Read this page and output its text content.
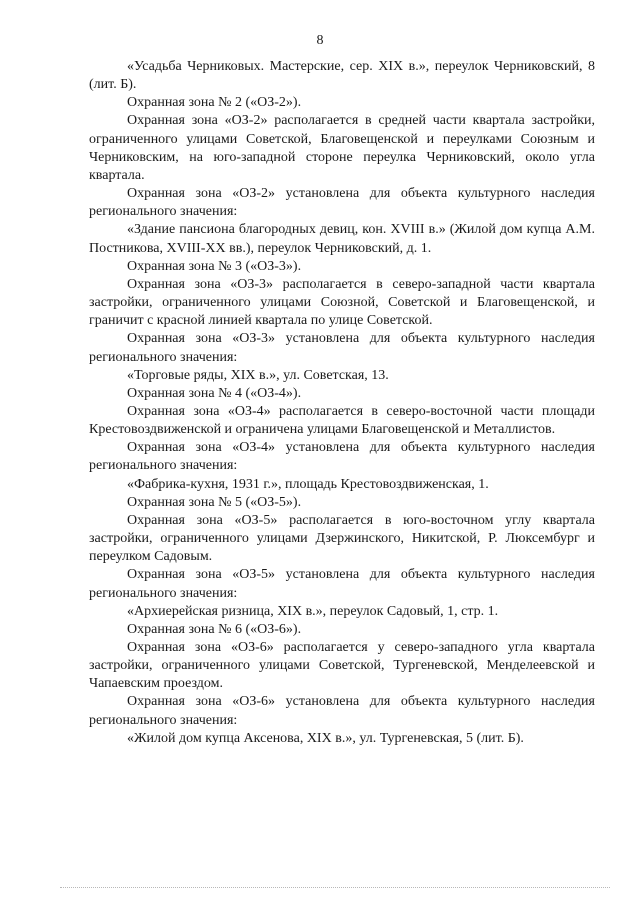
8

«Усадьба Черниковых. Мастерские, сер. XIX в.», переулок Черниковский, 8 (лит. Б).

Охранная зона № 2 («ОЗ-2»).

Охранная зона «ОЗ-2» располагается в средней части квартала застройки, ограниченного улицами Советской, Благовещенской и переулками Союзным и Черниковским, на юго-западной стороне переулка Черниковский, около угла квартала.

Охранная зона «ОЗ-2» установлена для объекта культурного наследия регионального значения:

«Здание пансиона благородных девиц, кон. XVIII в.» (Жилой дом купца А.М. Постникова, XVIII-XX вв.), переулок Черниковский, д. 1.

Охранная зона № 3 («ОЗ-3»).

Охранная зона «ОЗ-3» располагается в северо-западной части квартала застройки, ограниченного улицами Союзной, Советской и Благовещенской, и граничит с красной линией квартала по улице Советской.

Охранная зона «ОЗ-3» установлена для объекта культурного наследия регионального значения:

«Торговые ряды, XIX в.», ул. Советская, 13.

Охранная зона № 4 («ОЗ-4»).

Охранная зона «ОЗ-4» располагается в северо-восточной части площади Крестовоздвиженской и ограничена улицами Благовещенской и Металлистов.

Охранная зона «ОЗ-4» установлена для объекта культурного наследия регионального значения:

«Фабрика-кухня, 1931 г.», площадь Крестовоздвиженская, 1.

Охранная зона № 5 («ОЗ-5»).

Охранная зона «ОЗ-5» располагается в юго-восточном углу квартала застройки, ограниченного улицами Дзержинского, Никитской, Р. Люксембург и переулком Садовым.

Охранная зона «ОЗ-5» установлена для объекта культурного наследия регионального значения:

«Архиерейская ризница, XIX в.», переулок Садовый, 1, стр. 1.

Охранная зона № 6 («ОЗ-6»).

Охранная зона «ОЗ-6» располагается у северо-западного угла квартала застройки, ограниченного улицами Советской, Тургеневской, Менделеевской и Чапаевским проездом.

Охранная зона «ОЗ-6» установлена для объекта культурного наследия регионального значения:

«Жилой дом купца Аксенова, XIX в.», ул. Тургеневская, 5 (лит. Б).
